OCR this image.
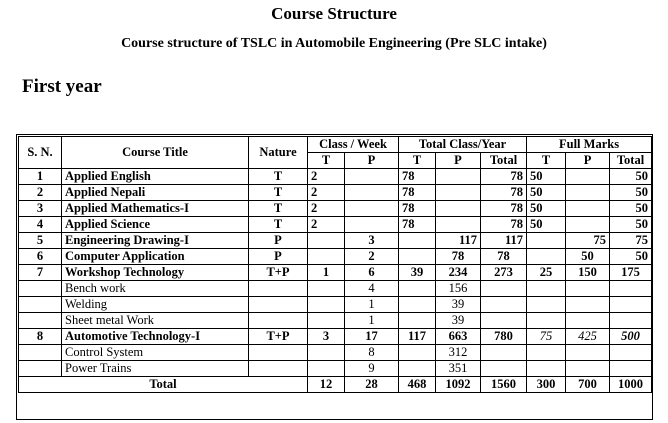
Course Structure
Course structure of TSLC in Automobile Engineering (Pre SLC intake)
First year
S. N.	Course Title	Nature	Class / Week		Total Class/Year			Full Marks		
			T	P	T	P	Total	T	P	Total
1	Applied English	T	2		78		78	50		50
2	Applied Nepali	T	2		78		78	50		50
3	Applied Mathematics-I	T	2		78		78	50		50
4	Applied Science	T	2		78		78	50		50
5	Engineering Drawing-I	P		3		117	117		75	75
6	Computer Application	P		2		78	78		50	50
7	Workshop Technology	T+P	1	6	39	234	273	25	150	175
	Bench work			4		156				
	Welding			1		39				
	Sheet metal Work			1		39				
8	Automotive Technology-I	T+P	3	17	117	663	780	75	425	500
	Control System			8		312				
	Power Trains			9		351				
Total			12	28	468	1092	1560	300	700	1000
